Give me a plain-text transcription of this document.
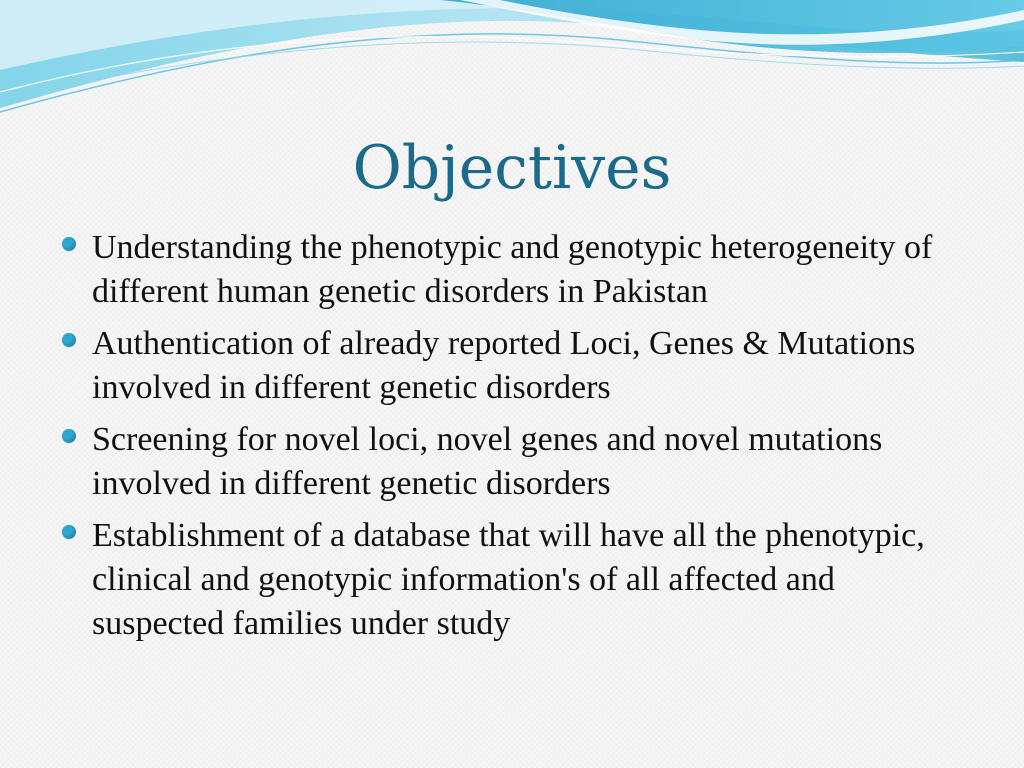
Objectives
Understanding the phenotypic and genotypic heterogeneity of different human genetic disorders in Pakistan
Authentication of already reported Loci, Genes & Mutations involved in different genetic disorders
Screening for novel loci, novel genes and novel mutations involved in different genetic disorders
Establishment of a database that will have all the phenotypic, clinical and genotypic information's of all affected and suspected families under study
